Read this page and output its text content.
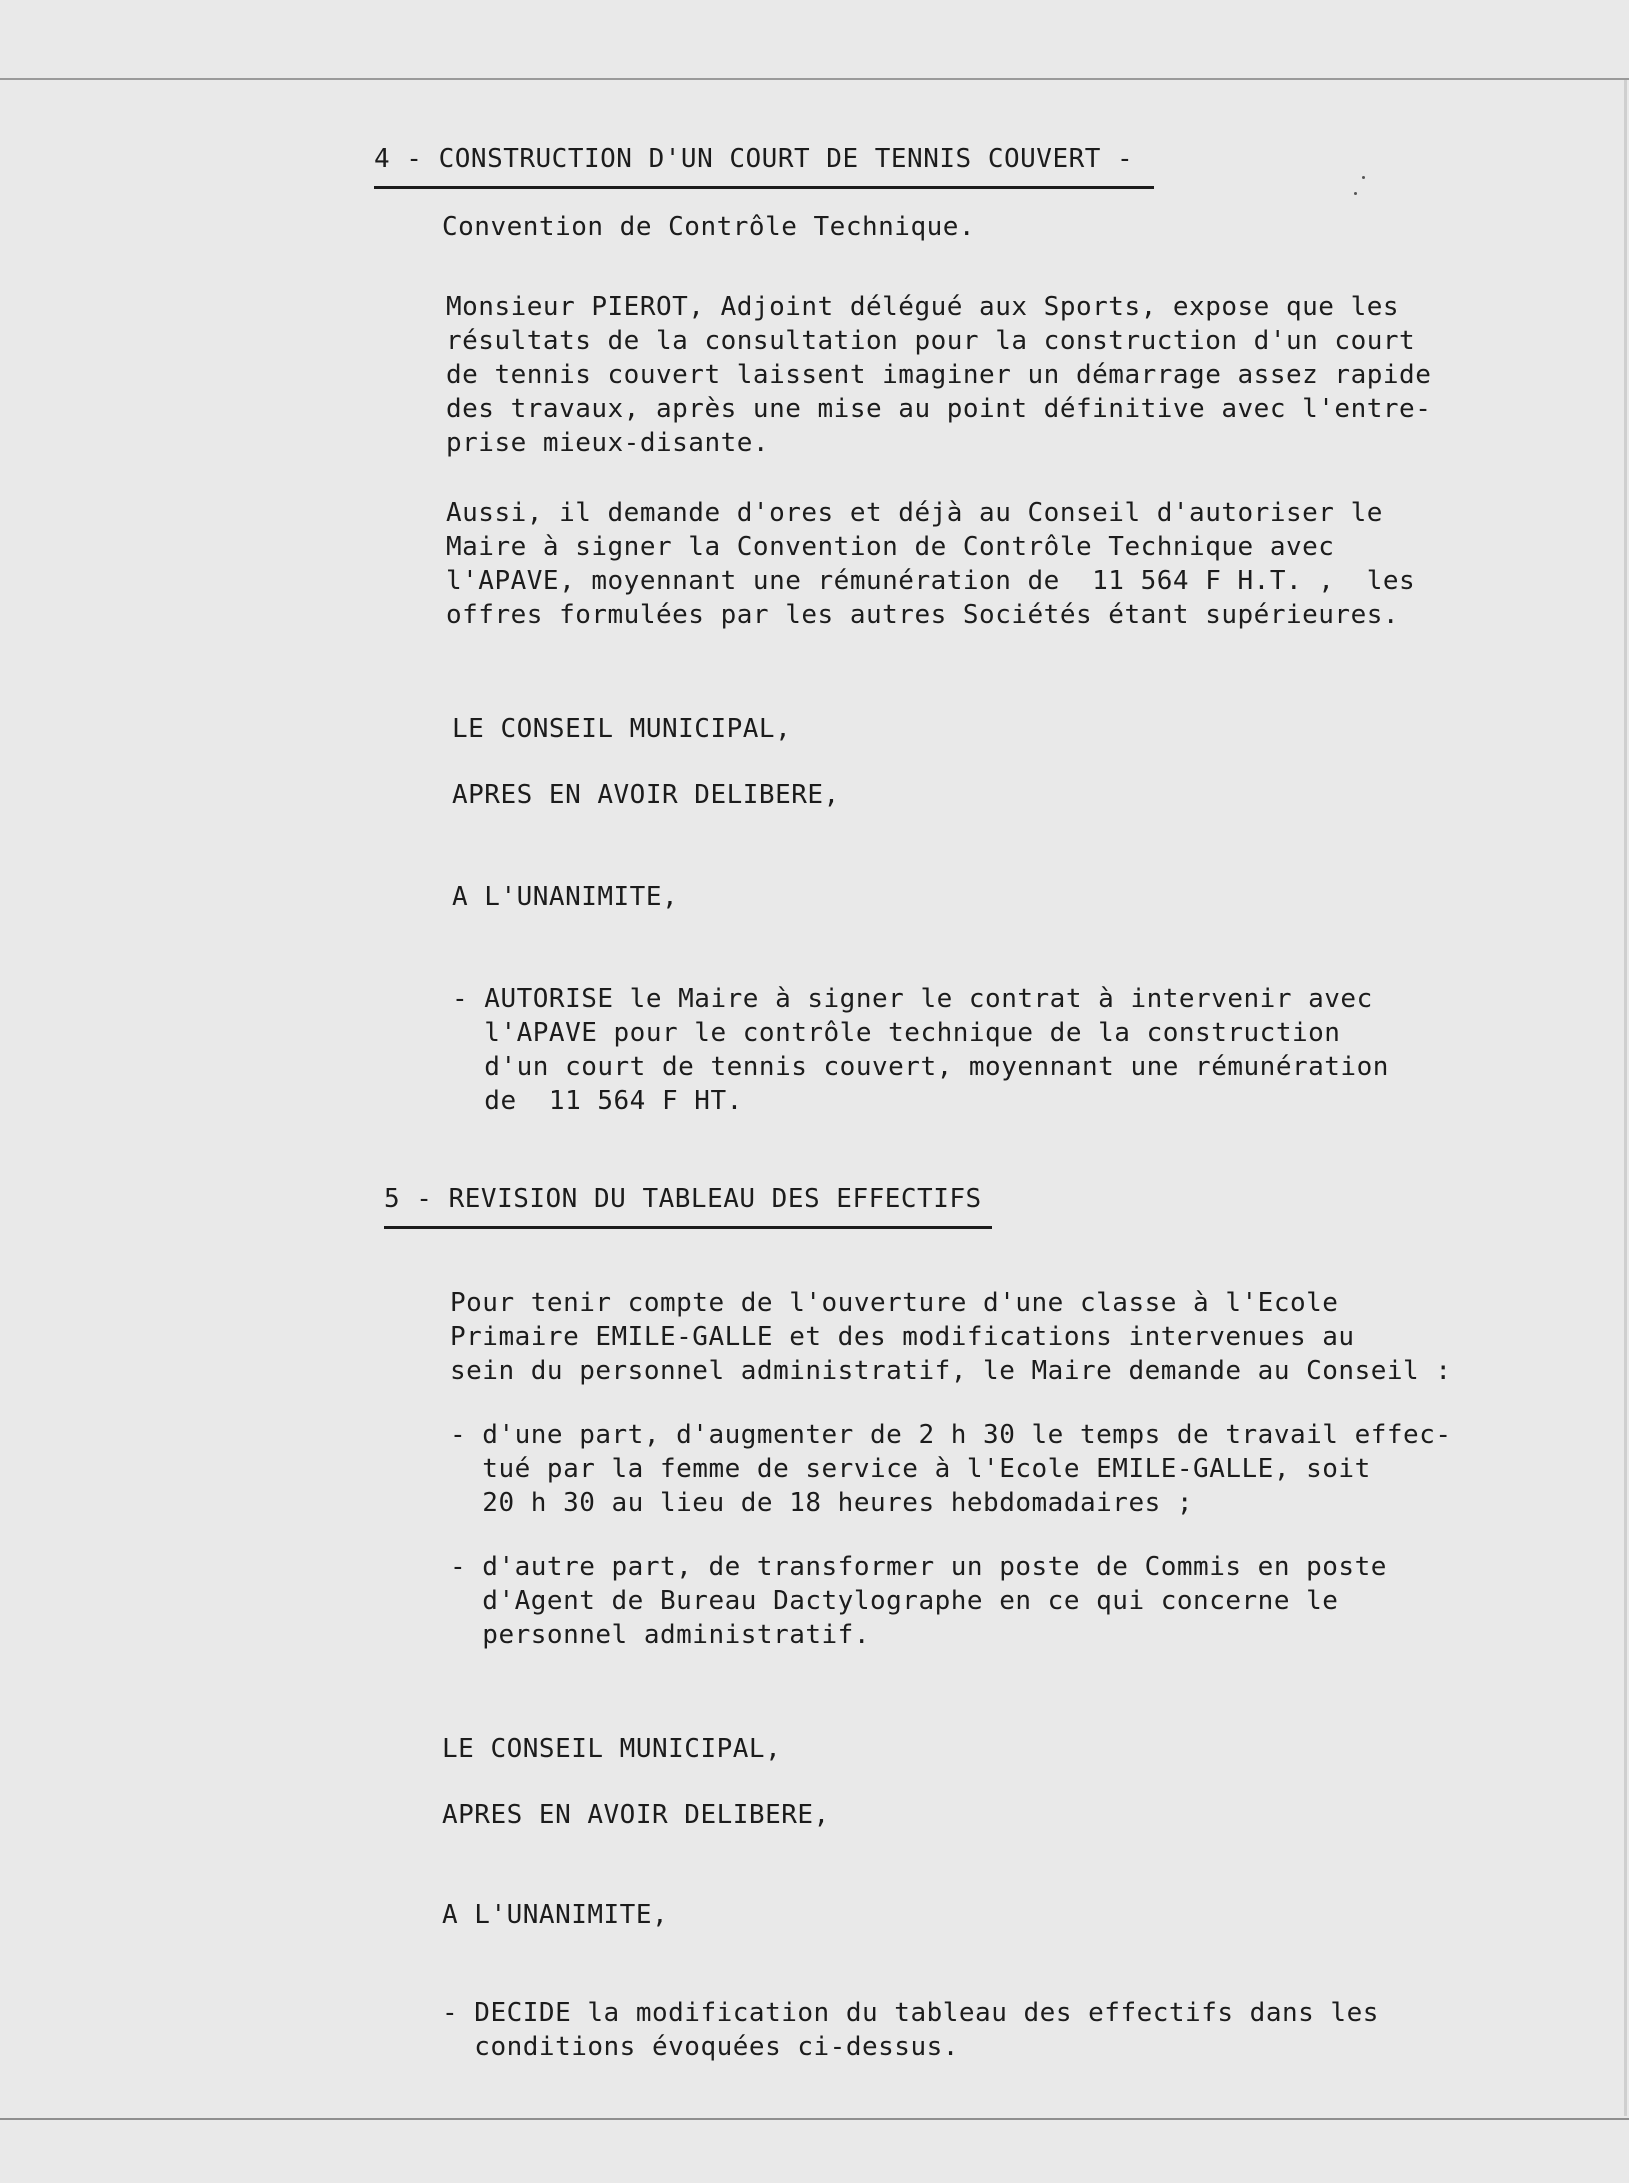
4 - CONSTRUCTION D'UN COURT DE TENNIS COUVERT -
Convention de Contrôle Technique.
Monsieur PIEROT, Adjoint délégué aux Sports, expose que les
résultats de la consultation pour la construction d'un court
de tennis couvert laissent imaginer un démarrage assez rapide
des travaux, après une mise au point définitive avec l'entre-
prise mieux-disante.
Aussi, il demande d'ores et déjà au Conseil d'autoriser le
Maire à signer la Convention de Contrôle Technique avec
l'APAVE, moyennant une rémunération de  11 564 F H.T. ,  les
offres formulées par les autres Sociétés étant supérieures.
LE CONSEIL MUNICIPAL,
APRES EN AVOIR DELIBERE,
A L'UNANIMITE,
- AUTORISE le Maire à signer le contrat à intervenir avec
l'APAVE pour le contrôle technique de la construction
d'un court de tennis couvert, moyennant une rémunération
de  11 564 F HT.
5 - REVISION DU TABLEAU DES EFFECTIFS
Pour tenir compte de l'ouverture d'une classe à l'Ecole
Primaire EMILE-GALLE et des modifications intervenues au
sein du personnel administratif, le Maire demande au Conseil :
- d'une part, d'augmenter de 2 h 30 le temps de travail effec-
tué par la femme de service à l'Ecole EMILE-GALLE, soit
20 h 30 au lieu de 18 heures hebdomadaires ;
- d'autre part, de transformer un poste de Commis en poste
d'Agent de Bureau Dactylographe en ce qui concerne le
personnel administratif.
LE CONSEIL MUNICIPAL,
APRES EN AVOIR DELIBERE,
A L'UNANIMITE,
- DECIDE la modification du tableau des effectifs dans les
conditions évoquées ci-dessus.
